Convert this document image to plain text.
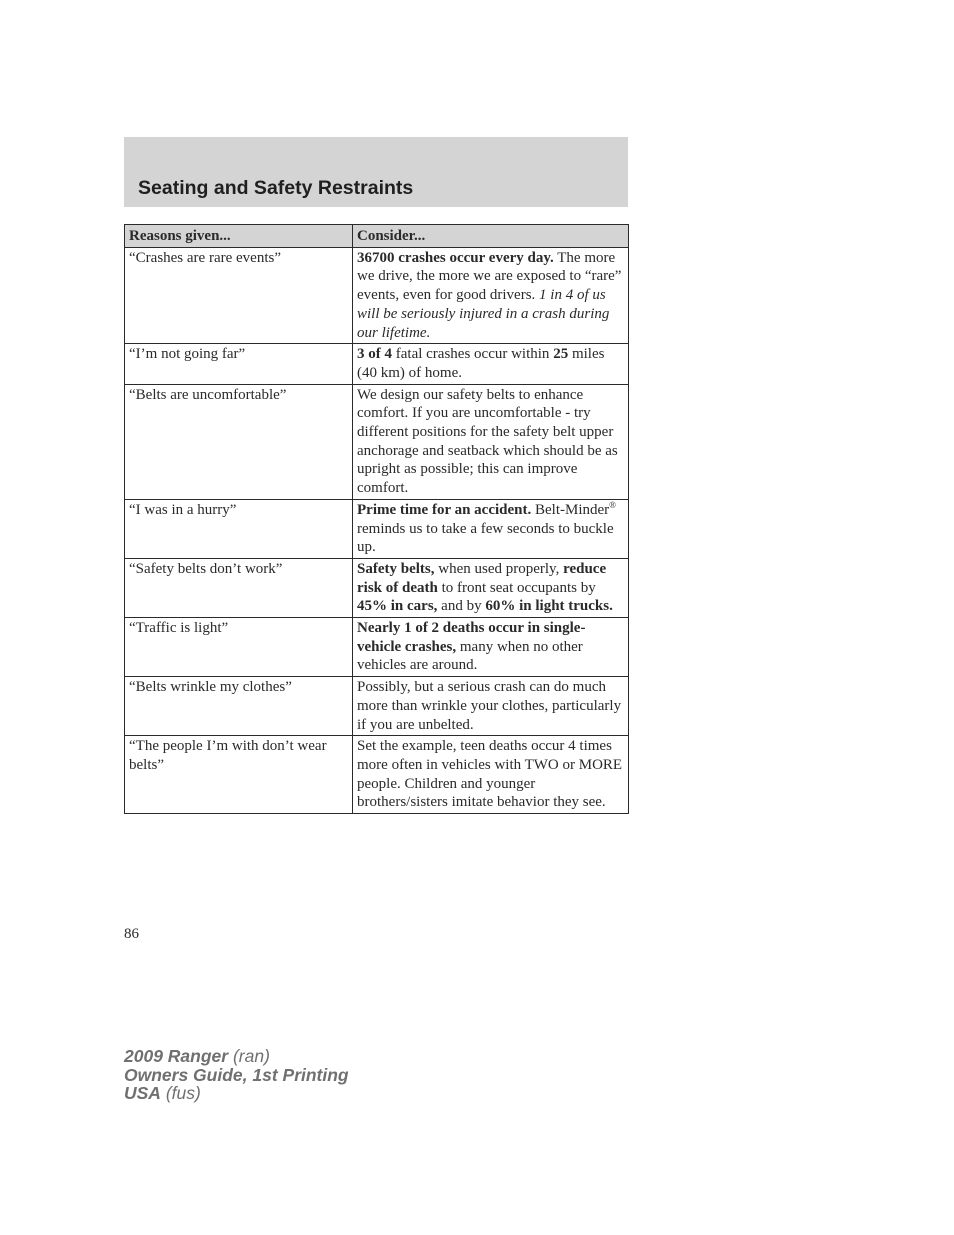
Seating and Safety Restraints
Reasons given...	Consider...
“Crashes are rare events”	36700 crashes occur every day. The more we drive, the more we are exposed to “rare” events, even for good drivers. 1 in 4 of us will be seriously injured in a crash during our lifetime.
“I’m not going far”	3 of 4 fatal crashes occur within 25 miles (40 km) of home.
“Belts are uncomfortable”	We design our safety belts to enhance comfort. If you are uncomfortable - try different positions for the safety belt upper anchorage and seatback which should be as upright as possible; this can improve comfort.
“I was in a hurry”	Prime time for an accident. Belt-Minder® reminds us to take a few seconds to buckle up.
“Safety belts don’t work”	Safety belts, when used properly, reduce risk of death to front seat occupants by 45% in cars, and by 60% in light trucks.
“Traffic is light”	Nearly 1 of 2 deaths occur in single-vehicle crashes, many when no other vehicles are around.
“Belts wrinkle my clothes”	Possibly, but a serious crash can do much more than wrinkle your clothes, particularly if you are unbelted.
“The people I’m with don’t wear belts”	Set the example, teen deaths occur 4 times more often in vehicles with TWO or MORE people. Children and younger brothers/sisters imitate behavior they see.
86
2009 Ranger (ran)
Owners Guide, 1st Printing
USA (fus)
